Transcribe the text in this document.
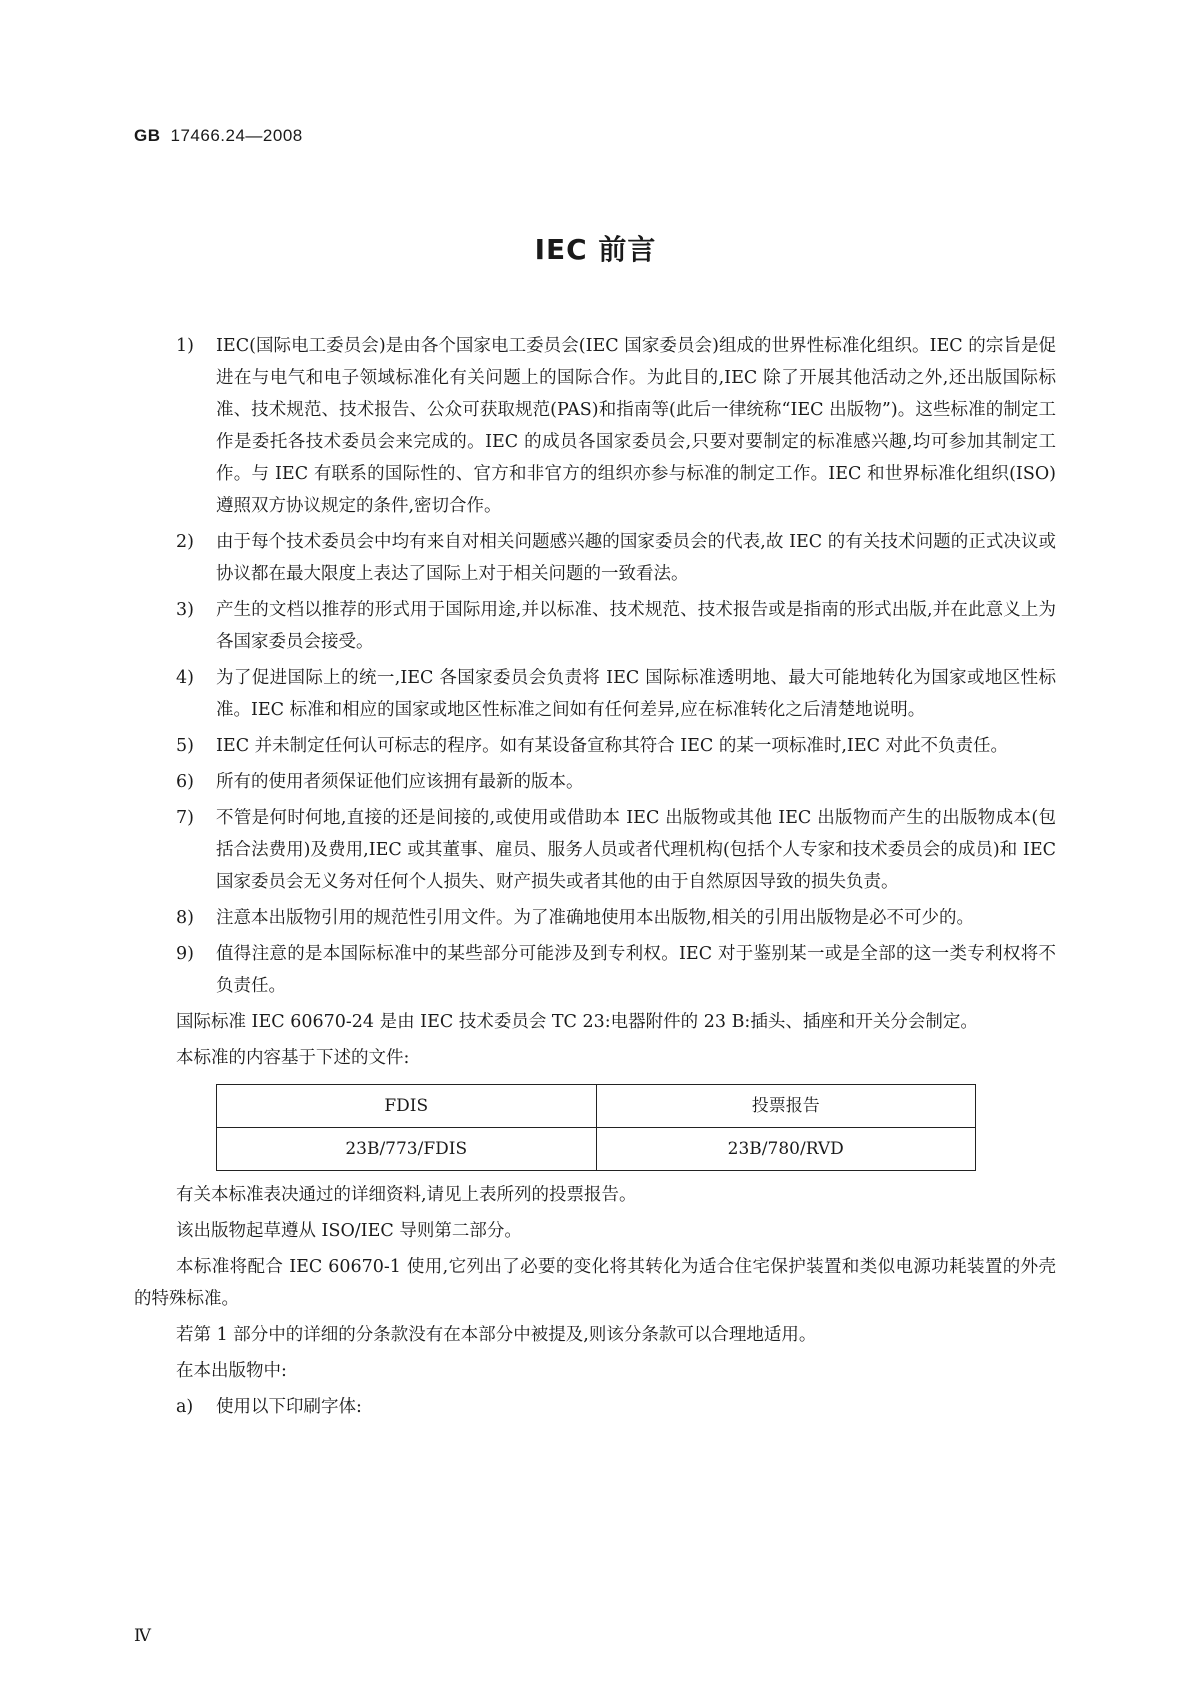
GB 17466.24—2008
IEC 前言
1) IEC(国际电工委员会)是由各个国家电工委员会(IEC 国家委员会)组成的世界性标准化组织。IEC 的宗旨是促进在与电气和电子领域标准化有关问题上的国际合作。为此目的,IEC 除了开展其他活动之外,还出版国际标准、技术规范、技术报告、公众可获取规范(PAS)和指南等(此后一律统称“IEC 出版物”)。这些标准的制定工作是委托各技术委员会来完成的。IEC 的成员各国家委员会,只要对要制定的标准感兴趣,均可参加其制定工作。与 IEC 有联系的国际性的、官方和非官方的组织亦参与标准的制定工作。IEC 和世界标准化组织(ISO)遵照双方协议规定的条件,密切合作。
2) 由于每个技术委员会中均有来自对相关问题感兴趣的国家委员会的代表,故 IEC 的有关技术问题的正式决议或协议都在最大限度上表达了国际上对于相关问题的一致看法。
3) 产生的文档以推荐的形式用于国际用途,并以标准、技术规范、技术报告或是指南的形式出版,并在此意义上为各国家委员会接受。
4) 为了促进国际上的统一,IEC 各国家委员会负责将 IEC 国际标准透明地、最大可能地转化为国家或地区性标准。IEC 标准和相应的国家或地区性标准之间如有任何差异,应在标准转化之后清楚地说明。
5) IEC 并未制定任何认可标志的程序。如有某设备宣称其符合 IEC 的某一项标准时,IEC 对此不负责任。
6) 所有的使用者须保证他们应该拥有最新的版本。
7) 不管是何时何地,直接的还是间接的,或使用或借助本 IEC 出版物或其他 IEC 出版物而产生的出版物成本(包括合法费用)及费用,IEC 或其董事、雇员、服务人员或者代理机构(包括个人专家和技术委员会的成员)和 IEC 国家委员会无义务对任何个人损失、财产损失或者其他的由于自然原因导致的损失负责。
8) 注意本出版物引用的规范性引用文件。为了准确地使用本出版物,相关的引用出版物是必不可少的。
9) 值得注意的是本国际标准中的某些部分可能涉及到专利权。IEC 对于鉴别某一或是全部的这一类专利权将不负责任。
国际标准 IEC 60670-24 是由 IEC 技术委员会 TC 23:电器附件的 23 B:插头、插座和开关分会制定。
本标准的内容基于下述的文件:
FDIS	投票报告
23B/773/FDIS	23B/780/RVD
有关本标准表决通过的详细资料,请见上表所列的投票报告。
该出版物起草遵从 ISO/IEC 导则第二部分。
本标准将配合 IEC 60670-1 使用,它列出了必要的变化将其转化为适合住宅保护装置和类似电源功耗装置的外壳的特殊标准。
若第 1 部分中的详细的分条款没有在本部分中被提及,则该分条款可以合理地适用。
在本出版物中:
a) 使用以下印刷字体:
Ⅳ
